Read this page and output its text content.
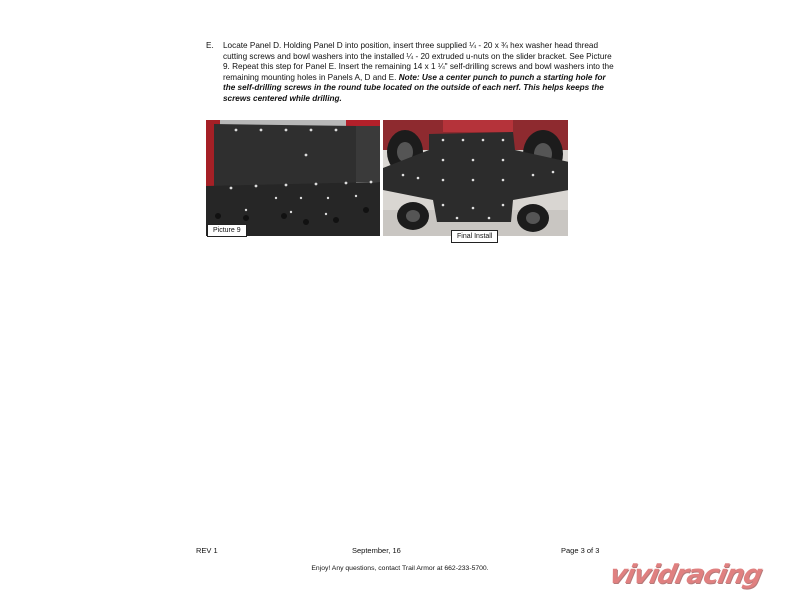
E. Locate Panel D. Holding Panel D into position, insert three supplied ¼ - 20 x ¾ hex washer head thread cutting screws and bowl washers into the installed ¼ - 20 extruded u-nuts on the slider bracket. See Picture 9. Repeat this step for Panel E. Insert the remaining 14 x 1 ¼" self-drilling screws and bowl washers into the remaining mounting holes in Panels A, D and E. Note: Use a center punch to punch a starting hole for the self-drilling screws in the round tube located on the outside of each nerf. This helps keeps the screws centered while drilling.
Picture 9
Final Install
REV 1	September, 16	Page 3 of 3
Enjoy! Any questions, contact Trail Armor at 662-233-5700.	vividracing
